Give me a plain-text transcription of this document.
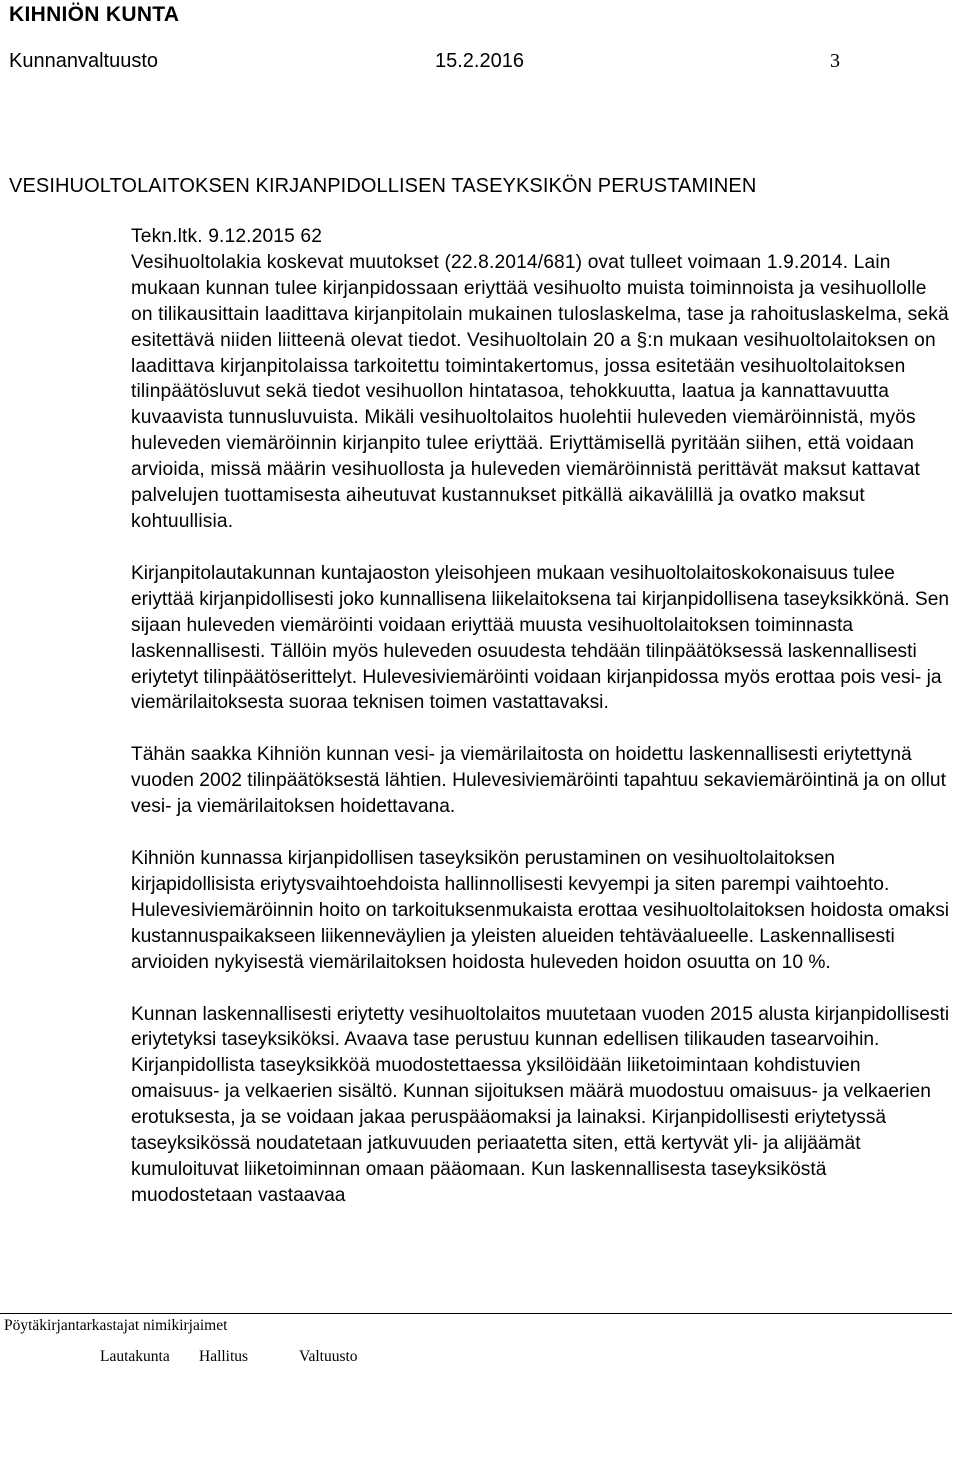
KIHNIÖN KUNTA
Kunnanvaltuusto	15.2.2016	3
VESIHUOLTOLAITOKSEN KIRJANPIDOLLISEN TASEYKSIKÖN PERUSTAMINEN

Tekn.ltk. 9.12.2015 62
Vesihuoltolakia koskevat muutokset (22.8.2014/681) ovat tulleet voimaan 1.9.2014. Lain mukaan kunnan tulee kirjanpidossaan eriyttää vesihuolto muista toiminnoista ja vesihuollolle on tilikausittain laadittava kirjanpitolain mukainen tuloslaskelma, tase ja rahoituslaskelma, sekä esitettävä niiden liitteenä olevat tiedot. Vesihuoltolain 20 a §:n mukaan vesihuoltolaitoksen on laadittava kirjanpitolaissa tarkoitettu toimintakertomus, jossa esitetään vesihuoltolaitoksen tilinpäätösluvut sekä tiedot vesihuollon hintatasoa, tehokkuutta, laatua ja kannattavuutta kuvaavista tunnusluvuista. Mikäli vesihuoltolaitos huolehtii huleveden viemäröinnistä, myös huleveden viemäröinnin kirjanpito tulee eriyttää. Eriyttämisellä pyritään siihen, että voidaan arvioida, missä määrin vesihuollosta ja huleveden viemäröinnistä perittävät maksut kattavat palvelujen tuottamisesta aiheutuvat kustannukset pitkällä aikavälillä ja ovatko maksut kohtuullisia.

Kirjanpitolautakunnan kuntajaoston yleisohjeen mukaan vesihuoltolaitoskokonaisuus tulee eriyttää kirjanpidollisesti joko kunnallisena liikelaitoksena tai kirjanpidollisena taseyksikkönä. Sen sijaan huleveden viemäröinti voidaan eriyttää muusta vesihuoltolaitoksen toiminnasta laskennallisesti. Tällöin myös huleveden osuudesta tehdään tilinpäätöksessä laskennallisesti eriytetyt tilinpäätöserittelyt. Hulevesiviemäröinti voidaan kirjanpidossa myös erottaa pois vesi- ja viemärilaitoksesta suoraa teknisen toimen vastattavaksi.

Tähän saakka Kihniön kunnan vesi- ja viemärilaitosta on hoidettu laskennallisesti eriytettynä vuoden 2002 tilinpäätöksestä lähtien. Hulevesiviemäröinti tapahtuu sekaviemäröintinä ja on ollut vesi- ja viemärilaitoksen hoidettavana.

Kihniön kunnassa kirjanpidollisen taseyksikön perustaminen on vesihuoltolaitoksen kirjapidollisista eriytysvaihtoehdoista hallinnollisesti kevyempi ja siten parempi vaihtoehto. Hulevesiviemäröinnin hoito on tarkoituksenmukaista erottaa vesihuoltolaitoksen hoidosta omaksi kustannuspaikakseen liikenneväylien ja yleisten alueiden tehtäväalueelle. Laskennallisesti arvioiden nykyisestä viemärilaitoksen hoidosta huleveden hoidon osuutta on 10 %.

Kunnan laskennallisesti eriytetty vesihuoltolaitos muutetaan vuoden 2015 alusta kirjanpidollisesti eriytetyksi taseyksiköksi. Avaava tase perustuu kunnan edellisen tilikauden tasearvoihin. Kirjanpidollista taseyksikköä muodostettaessa yksilöidään liiketoimintaan kohdistuvien omaisuus- ja velkaerien sisältö. Kunnan sijoituksen määrä muodostuu omaisuus- ja velkaerien erotuksesta, ja se voidaan jakaa peruspääomaksi ja lainaksi. Kirjanpidollisesti eriytetyssä taseyksikössä noudatetaan jatkuvuuden periaatetta siten, että kertyvät yli- ja alijäämät kumuloituvat liiketoiminnan omaan pääomaan. Kun laskennallisesta taseyksiköstä muodostetaan vastaavaa

Pöytäkirjantarkastajat nimikirjaimet
Lautakunta Hallitus	Valtuusto
